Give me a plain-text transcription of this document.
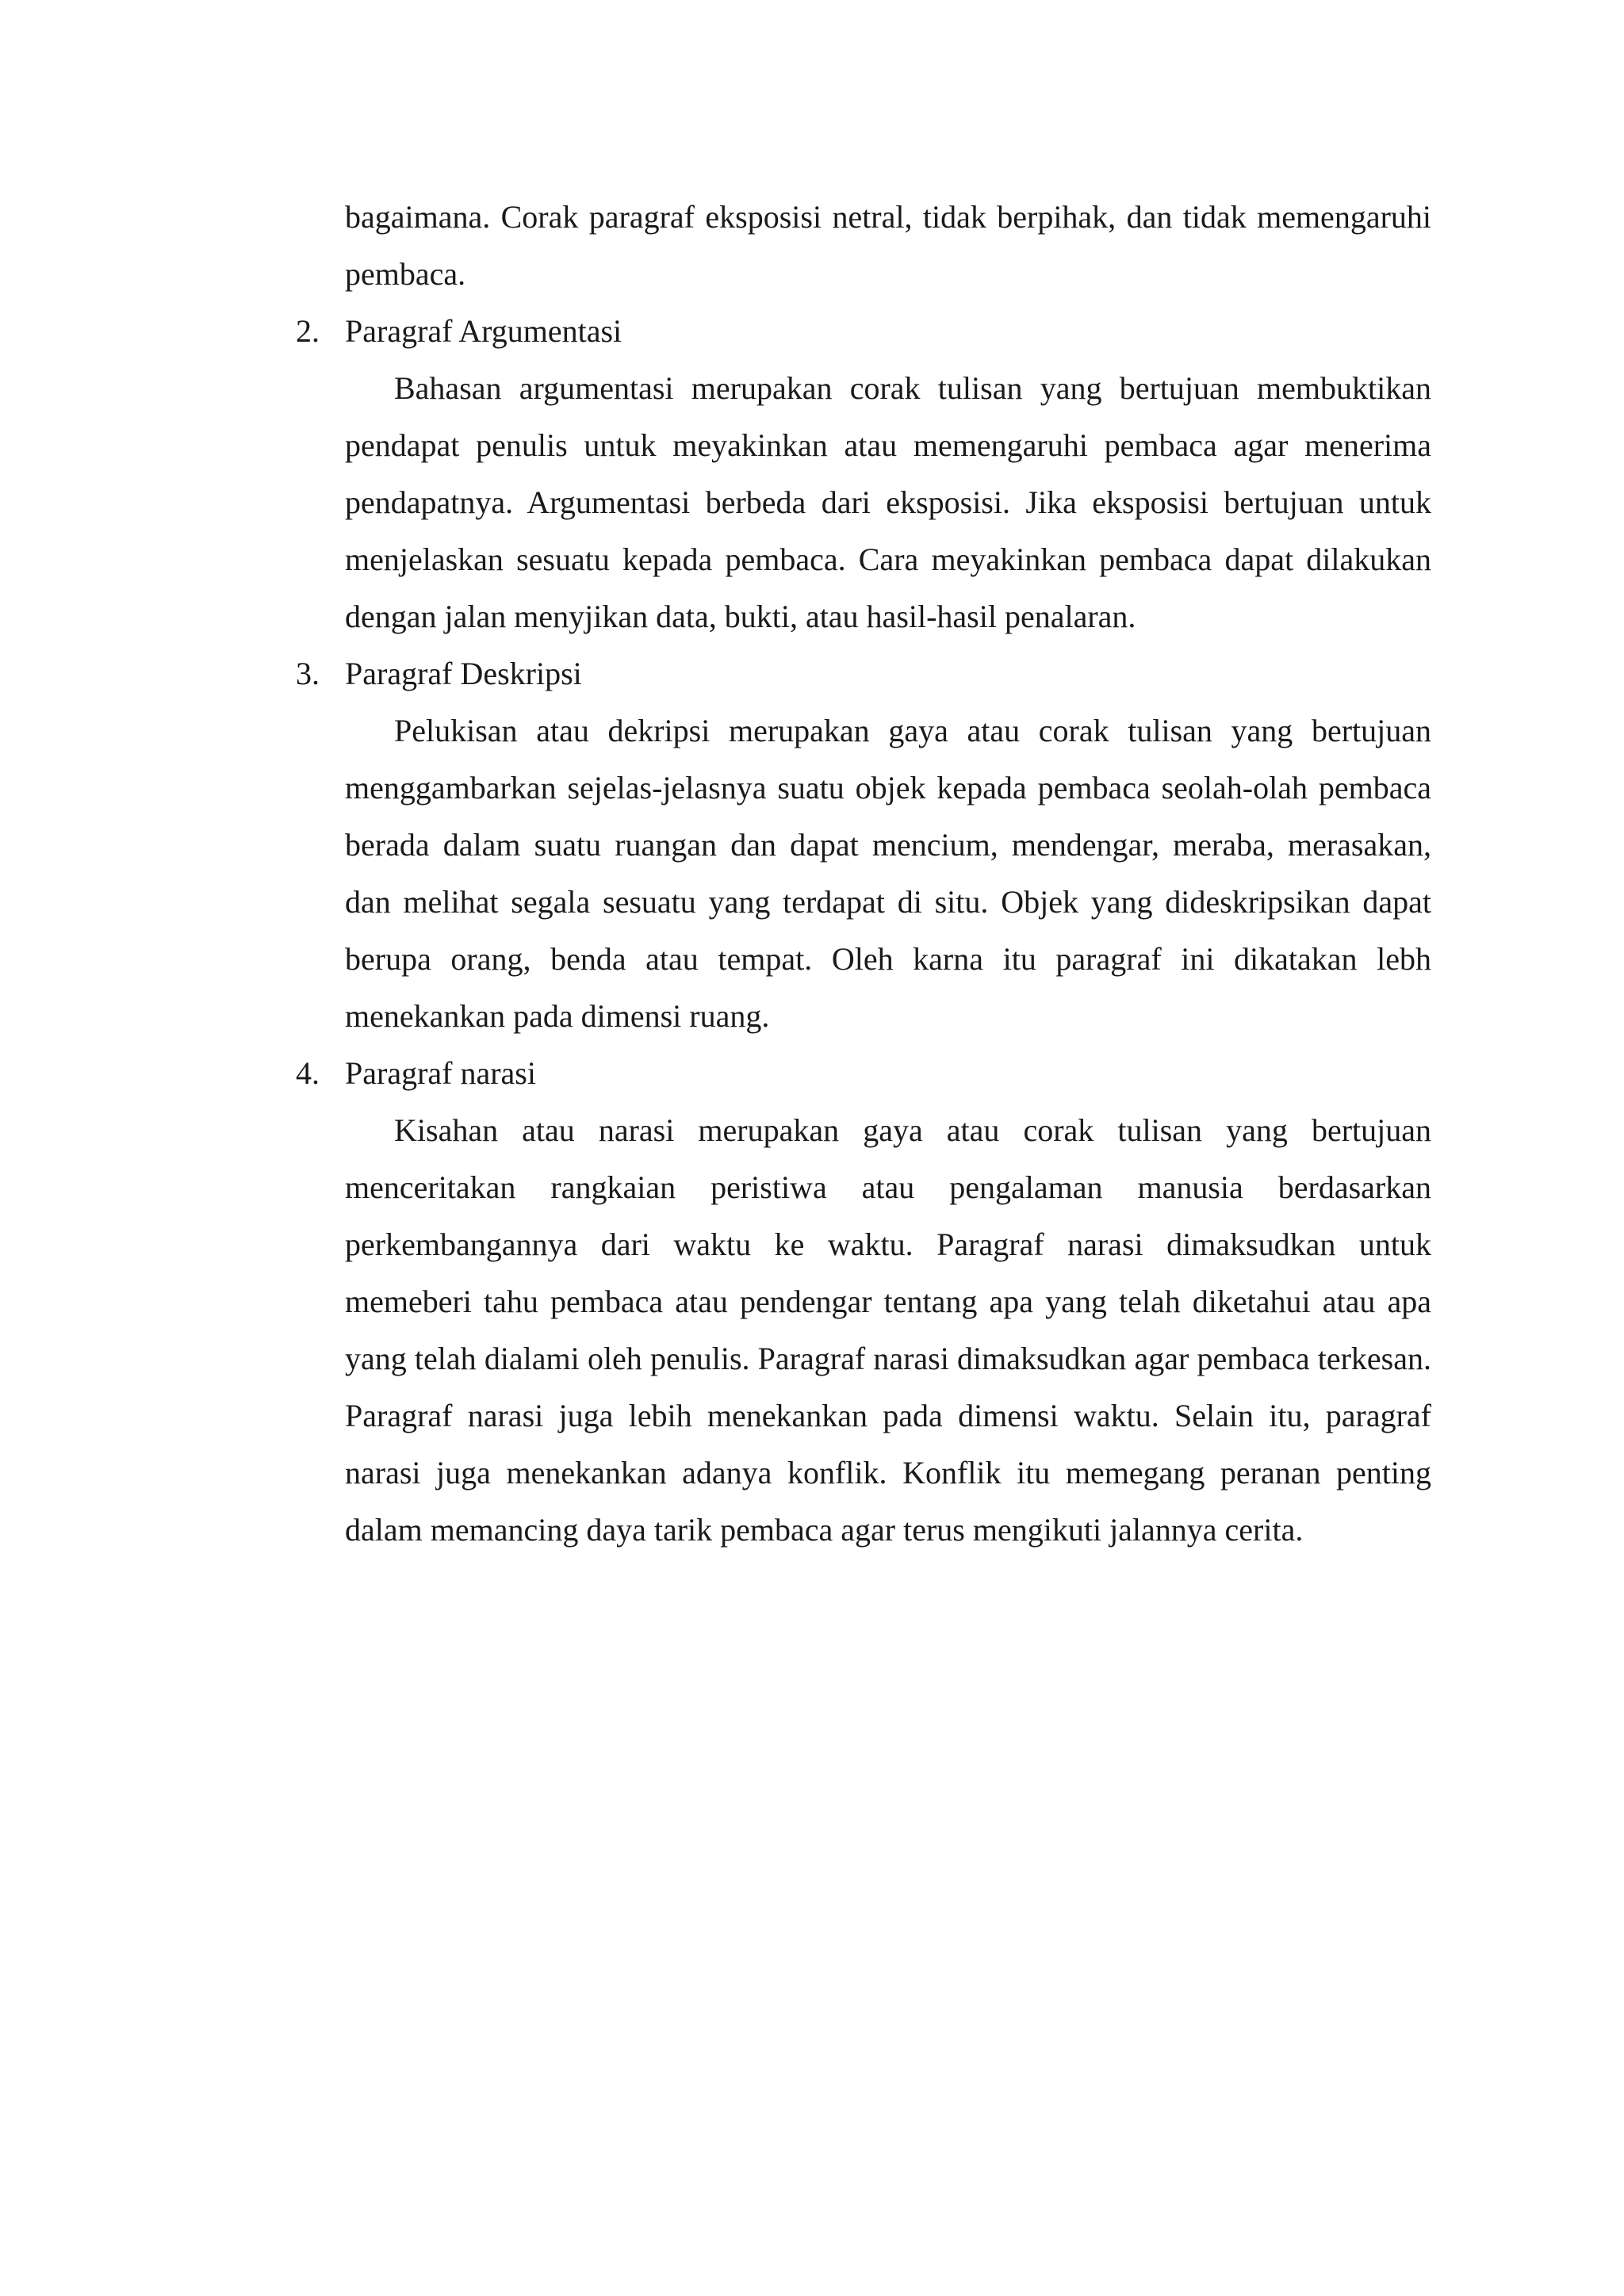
bagaimana. Corak paragraf eksposisi netral, tidak berpihak, dan tidak memengaruhi pembaca.

2. Paragraf Argumentasi

Bahasan argumentasi merupakan corak tulisan yang bertujuan membuktikan pendapat penulis untuk meyakinkan atau memengaruhi pembaca agar menerima pendapatnya. Argumentasi berbeda dari eksposisi. Jika eksposisi bertujuan untuk menjelaskan sesuatu kepada pembaca. Cara meyakinkan pembaca dapat dilakukan dengan jalan menyjikan data, bukti, atau hasil-hasil penalaran.

3. Paragraf Deskripsi

Pelukisan atau dekripsi merupakan gaya atau corak tulisan yang bertujuan menggambarkan sejelas-jelasnya suatu objek kepada pembaca seolah-olah pembaca berada dalam suatu ruangan dan dapat mencium, mendengar, meraba, merasakan, dan melihat segala sesuatu yang terdapat di situ. Objek yang dideskripsikan dapat berupa orang, benda atau tempat. Oleh karna itu paragraf ini dikatakan lebh menekankan pada dimensi ruang.

4. Paragraf narasi

Kisahan atau narasi merupakan gaya atau corak tulisan yang bertujuan menceritakan rangkaian peristiwa atau pengalaman manusia berdasarkan perkembangannya dari waktu ke waktu. Paragraf narasi dimaksudkan untuk memeberi tahu pembaca atau pendengar tentang apa yang telah diketahui atau apa yang telah dialami oleh penulis. Paragraf narasi dimaksudkan agar pembaca terkesan. Paragraf narasi juga lebih menekankan pada dimensi waktu. Selain itu, paragraf narasi juga menekankan adanya konflik. Konflik itu memegang peranan penting dalam memancing daya tarik pembaca agar terus mengikuti jalannya cerita.
